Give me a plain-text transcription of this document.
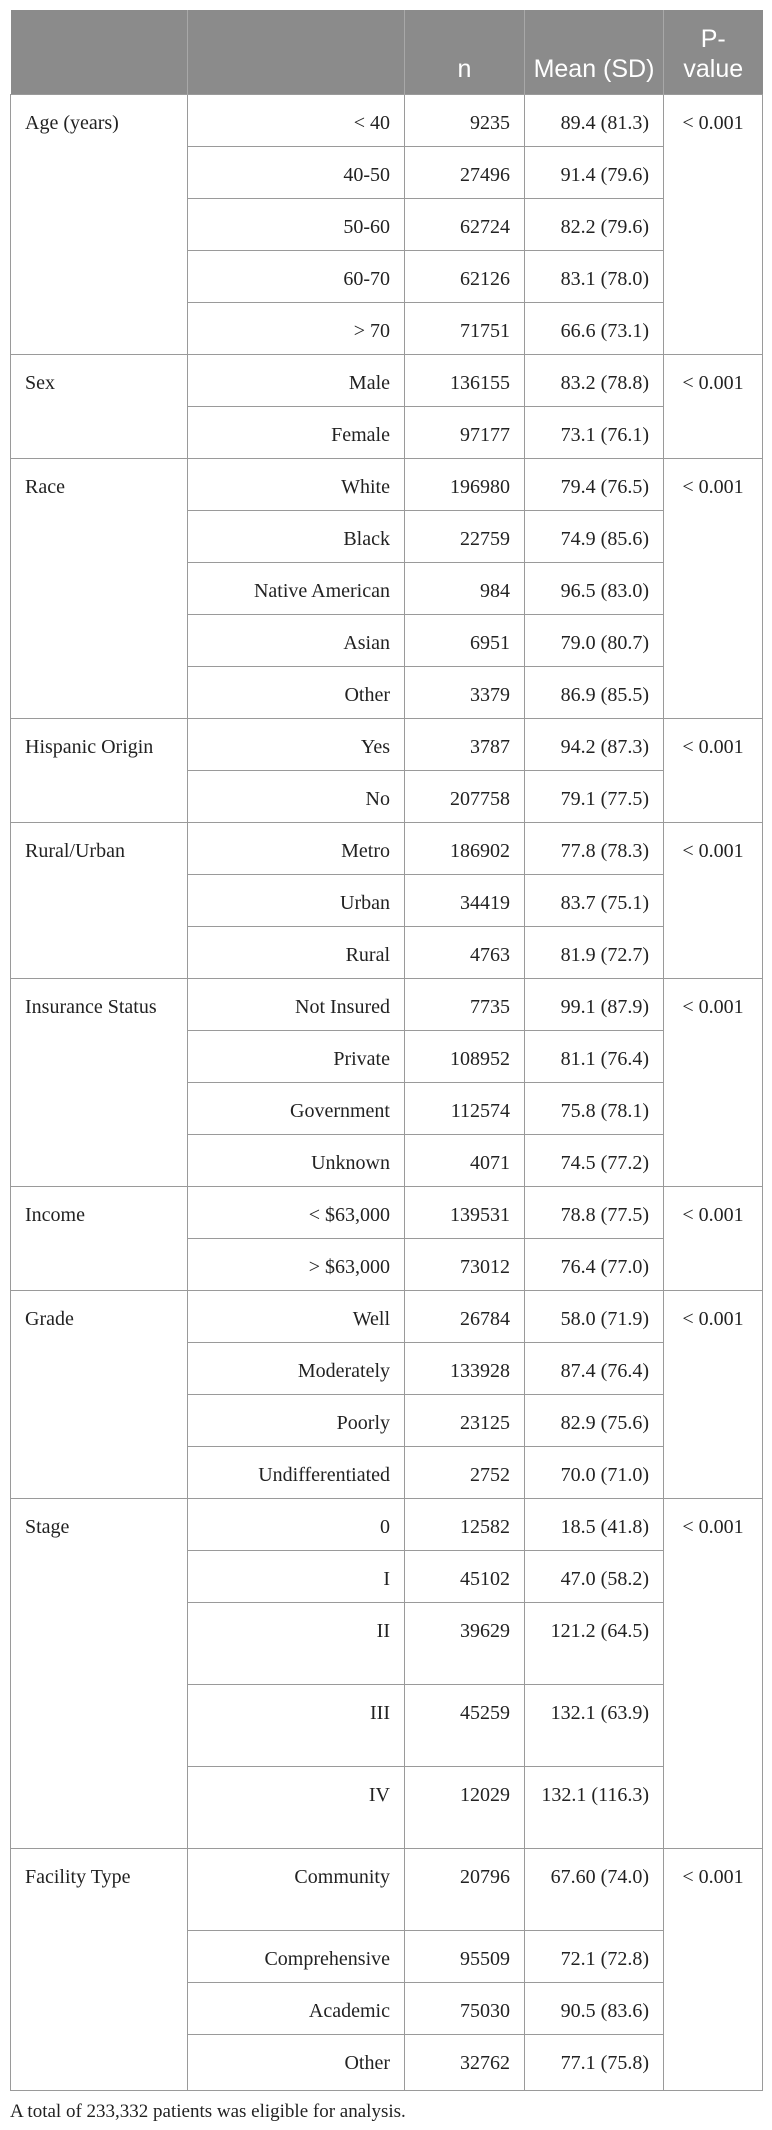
		n	Mean (SD)	P-value
Age (years)	< 40	9235	89.4 (81.3)	< 0.001
	40-50	27496	91.4 (79.6)	
	50-60	62724	82.2 (79.6)	
	60-70	62126	83.1 (78.0)	
	> 70	71751	66.6 (73.1)	
Sex	Male	136155	83.2 (78.8)	< 0.001
	Female	97177	73.1 (76.1)	
Race	White	196980	79.4 (76.5)	< 0.001
	Black	22759	74.9 (85.6)	
	Native American	984	96.5 (83.0)	
	Asian	6951	79.0 (80.7)	
	Other	3379	86.9 (85.5)	
Hispanic Origin	Yes	3787	94.2 (87.3)	< 0.001
	No	207758	79.1 (77.5)	
Rural/Urban	Metro	186902	77.8 (78.3)	< 0.001
	Urban	34419	83.7 (75.1)	
	Rural	4763	81.9 (72.7)	
Insurance Status	Not Insured	7735	99.1 (87.9)	< 0.001
	Private	108952	81.1 (76.4)	
	Government	112574	75.8 (78.1)	
	Unknown	4071	74.5 (77.2)	
Income	< $63,000	139531	78.8 (77.5)	< 0.001
	> $63,000	73012	76.4 (77.0)	
Grade	Well	26784	58.0 (71.9)	< 0.001
	Moderately	133928	87.4 (76.4)	
	Poorly	23125	82.9 (75.6)	
	Undifferentiated	2752	70.0 (71.0)	
Stage	0	12582	18.5 (41.8)	< 0.001
	I	45102	47.0 (58.2)	
	II	39629	121.2 (64.5)	
	III	45259	132.1 (63.9)	
	IV	12029	132.1 (116.3)	
Facility Type	Community	20796	67.60 (74.0)	< 0.001
	Comprehensive	95509	72.1 (72.8)	
	Academic	75030	90.5 (83.6)	
	Other	32762	77.1 (75.8)	
A total of 233,332 patients was eligible for analysis.
